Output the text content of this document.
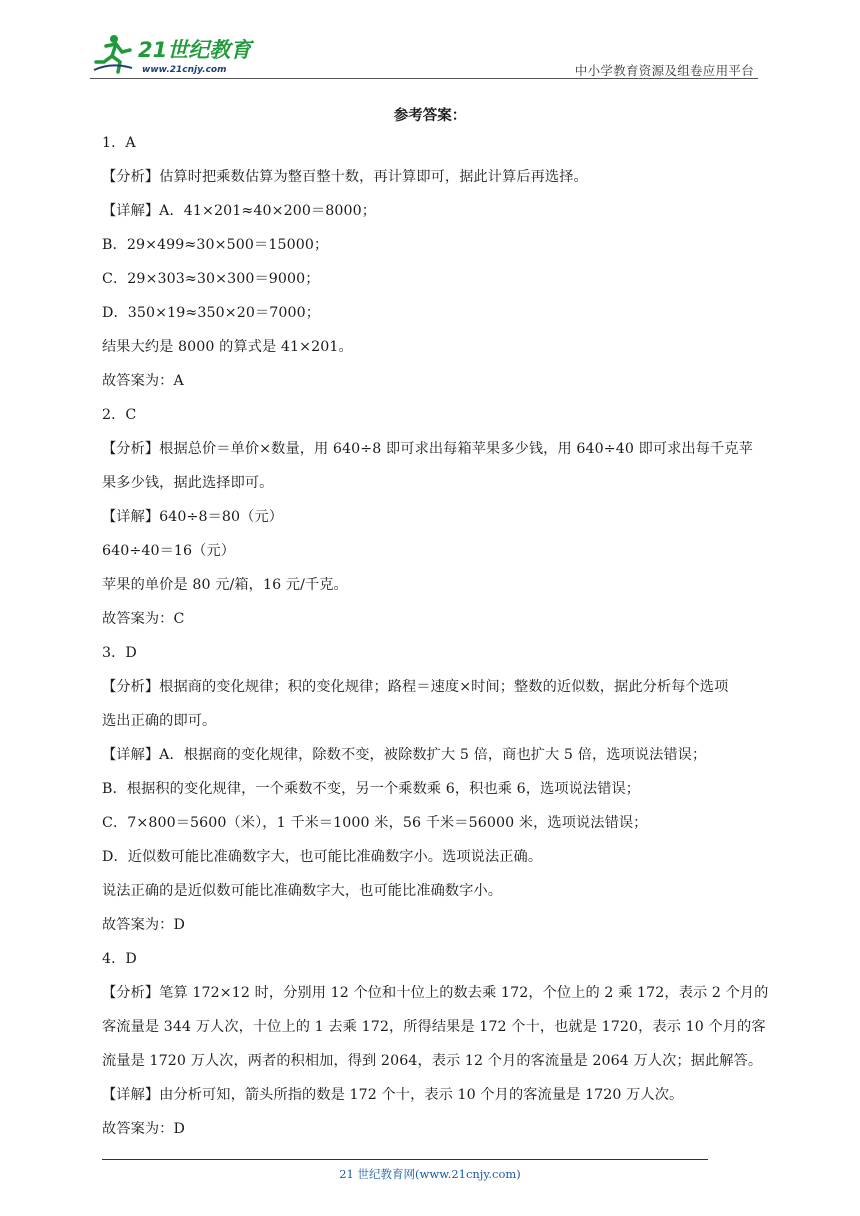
21世纪教育
www.21cnjy.com	中小学教育资源及组卷应用平台
参考答案：
1．A
【分析】估算时把乘数估算为整百整十数，再计算即可，据此计算后再选择。
【详解】A．41×201≈40×200＝8000；
B．29×499≈30×500＝15000；
C．29×303≈30×300＝9000；
D．350×19≈350×20＝7000；
结果大约是 8000 的算式是 41×201。
故答案为：A
2．C
【分析】根据总价＝单价×数量，用 640÷8 即可求出每箱苹果多少钱，用 640÷40 即可求出每千克苹
果多少钱，据此选择即可。
【详解】640÷8＝80（元）
640÷40＝16（元）
苹果的单价是 80 元/箱，16 元/千克。
故答案为：C
3．D
【分析】根据商的变化规律；积的变化规律；路程＝速度×时间；整数的近似数，据此分析每个选项
选出正确的即可。
【详解】A．根据商的变化规律，除数不变，被除数扩大 5 倍，商也扩大 5 倍，选项说法错误；
B．根据积的变化规律，一个乘数不变，另一个乘数乘 6，积也乘 6，选项说法错误；
C．7×800＝5600（米），1 千米＝1000 米，56 千米＝56000 米，选项说法错误；
D．近似数可能比准确数字大，也可能比准确数字小。选项说法正确。
说法正确的是近似数可能比准确数字大，也可能比准确数字小。
故答案为：D
4．D
【分析】笔算 172×12 时，分别用 12 个位和十位上的数去乘 172，个位上的 2 乘 172，表示 2 个月的
客流量是 344 万人次，十位上的 1 去乘 172，所得结果是 172 个十，也就是 1720，表示 10 个月的客
流量是 1720 万人次，两者的积相加，得到 2064，表示 12 个月的客流量是 2064 万人次；据此解答。
【详解】由分析可知，箭头所指的数是 172 个十，表示 10 个月的客流量是 1720 万人次。
故答案为：D
21 世纪教育网(www.21cnjy.com)
